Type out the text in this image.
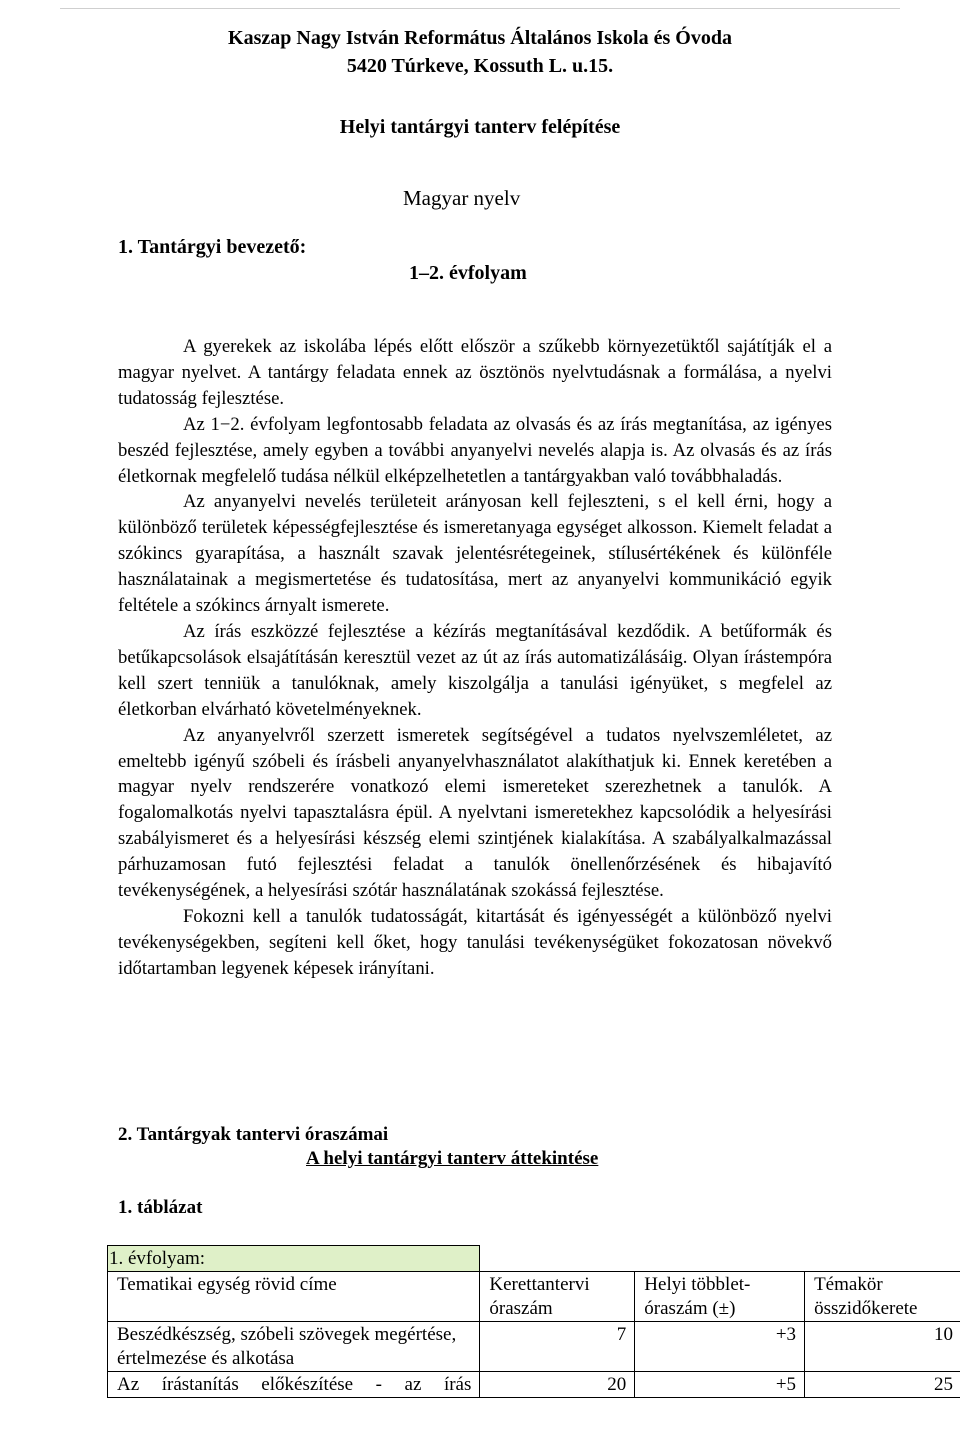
Kaszap Nagy István Református Általános Iskola és Óvoda
5420 Túrkeve, Kossuth L. u.15.
Helyi tantárgyi tanterv felépítése
Magyar nyelv
1. Tantárgyi bevezető:
1–2. évfolyam

A gyerekek az iskolába lépés előtt először a szűkebb környezetüktől sajátítják el a magyar nyelvet. A tantárgy feladata ennek az ösztönös nyelvtudásnak a formálása, a nyelvi tudatosság fejlesztése.

Az 1−2. évfolyam legfontosabb feladata az olvasás és az írás megtanítása, az igényes beszéd fejlesztése, amely egyben a további anyanyelvi nevelés alapja is. Az olvasás és az írás életkornak megfelelő tudása nélkül elképzelhetetlen a tantárgyakban való továbbhaladás.

Az anyanyelvi nevelés területeit arányosan kell fejleszteni, s el kell érni, hogy a különböző területek képességfejlesztése és ismeretanyaga egységet alkosson. Kiemelt feladat a szókincs gyarapítása, a használt szavak jelentésrétegeinek, stílusértékének és különféle használatainak a megismertetése és tudatosítása, mert az anyanyelvi kommunikáció egyik feltétele a szókincs árnyalt ismerete.

Az írás eszközzé fejlesztése a kézírás megtanításával kezdődik. A betűformák és betűkapcsolások elsajátításán keresztül vezet az út az írás automatizálásáig. Olyan írástempóra kell szert tenniük a tanulóknak, amely kiszolgálja a tanulási igényüket, s megfelel az életkorban elvárható követelményeknek.

Az anyanyelvről szerzett ismeretek segítségével a tudatos nyelvszemléletet, az emeltebb igényű szóbeli és írásbeli anyanyelvhasználatot alakíthatjuk ki. Ennek keretében a magyar nyelv rendszerére vonatkozó elemi ismereteket szerezhetnek a tanulók. A fogalomalkotás nyelvi tapasztalásra épül. A nyelvtani ismeretekhez kapcsolódik a helyesírási szabályismeret és a helyesírási készség elemi szintjének kialakítása. A szabályalkalmazással párhuzamosan futó fejlesztési feladat a tanulók önellenőrzésének és hibajavító tevékenységének, a helyesírási szótár használatának szokássá fejlesztése.

Fokozni kell a tanulók tudatosságát, kitartását és igényességét a különböző nyelvi tevékenységekben, segíteni kell őket, hogy tanulási tevékenységüket fokozatosan növekvő időtartamban legyenek képesek irányítani.

2. Tantárgyak tantervi óraszámai
A helyi tantárgyi tanterv áttekintése
1. táblázat
1. évfolyam:			
Tematikai egység rövid címe	Kerettantervi óraszám	Helyi többlet-óraszám (±)	Témakör összidőkerete
Beszédkészség, szóbeli szövegek megértése, értelmezése és alkotása	7	+3	10
Az írástanítás előkészítése - az írás	20	+5	25
